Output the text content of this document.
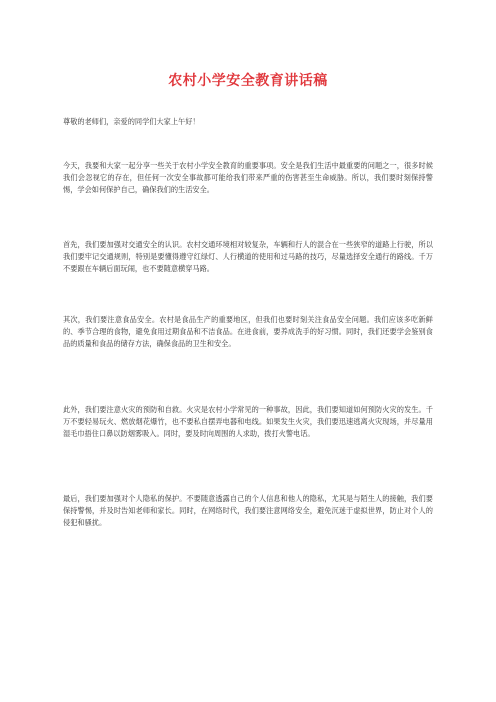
农村小学安全教育讲话稿

尊敬的老师们，亲爱的同学们大家上午好！

今天，我要和大家一起分享一些关于农村小学安全教育的重要事项。安全是我们生活中最重要的问题之一，很多时候我们会忽视它的存在，但任何一次安全事故都可能给我们带来严重的伤害甚至生命威胁。所以，我们要时刻保持警惕，学会如何保护自己，确保我们的生活安全。

首先，我们要加强对交通安全的认识。农村交通环境相对较复杂，车辆和行人的混合在一些狭窄的道路上行驶，所以我们要牢记交通规则，特别是要懂得遵守红绿灯、人行横道的使用和过马路的技巧，尽量选择安全通行的路线。千万不要跟在车辆后面玩闹，也不要随意横穿马路。

其次，我们要注意食品安全。农村是食品生产的重要地区，但我们也要时刻关注食品安全问题。我们应该多吃新鲜的、季节合理的食物，避免食用过期食品和不洁食品。在进食前，要养成洗手的好习惯。同时，我们还要学会鉴别食品的质量和食品的储存方法，确保食品的卫生和安全。

此外，我们要注意火灾的预防和自救。火灾是农村小学常见的一种事故，因此，我们要知道如何预防火灾的发生。千万不要轻易玩火、燃放烟花爆竹，也不要私自摆弄电器和电线。如果发生火灾，我们要迅速逃离火灾现场，并尽量用湿毛巾捂住口鼻以防烟雾吸入。同时，要及时向周围的人求助，拨打火警电话。

最后，我们要加强对个人隐私的保护。不要随意透露自己的个人信息和他人的隐私，尤其是与陌生人的接触，我们要保持警惕，并及时告知老师和家长。同时，在网络时代，我们要注意网络安全，避免沉迷于虚拟世界，防止对个人的侵犯和骚扰。
